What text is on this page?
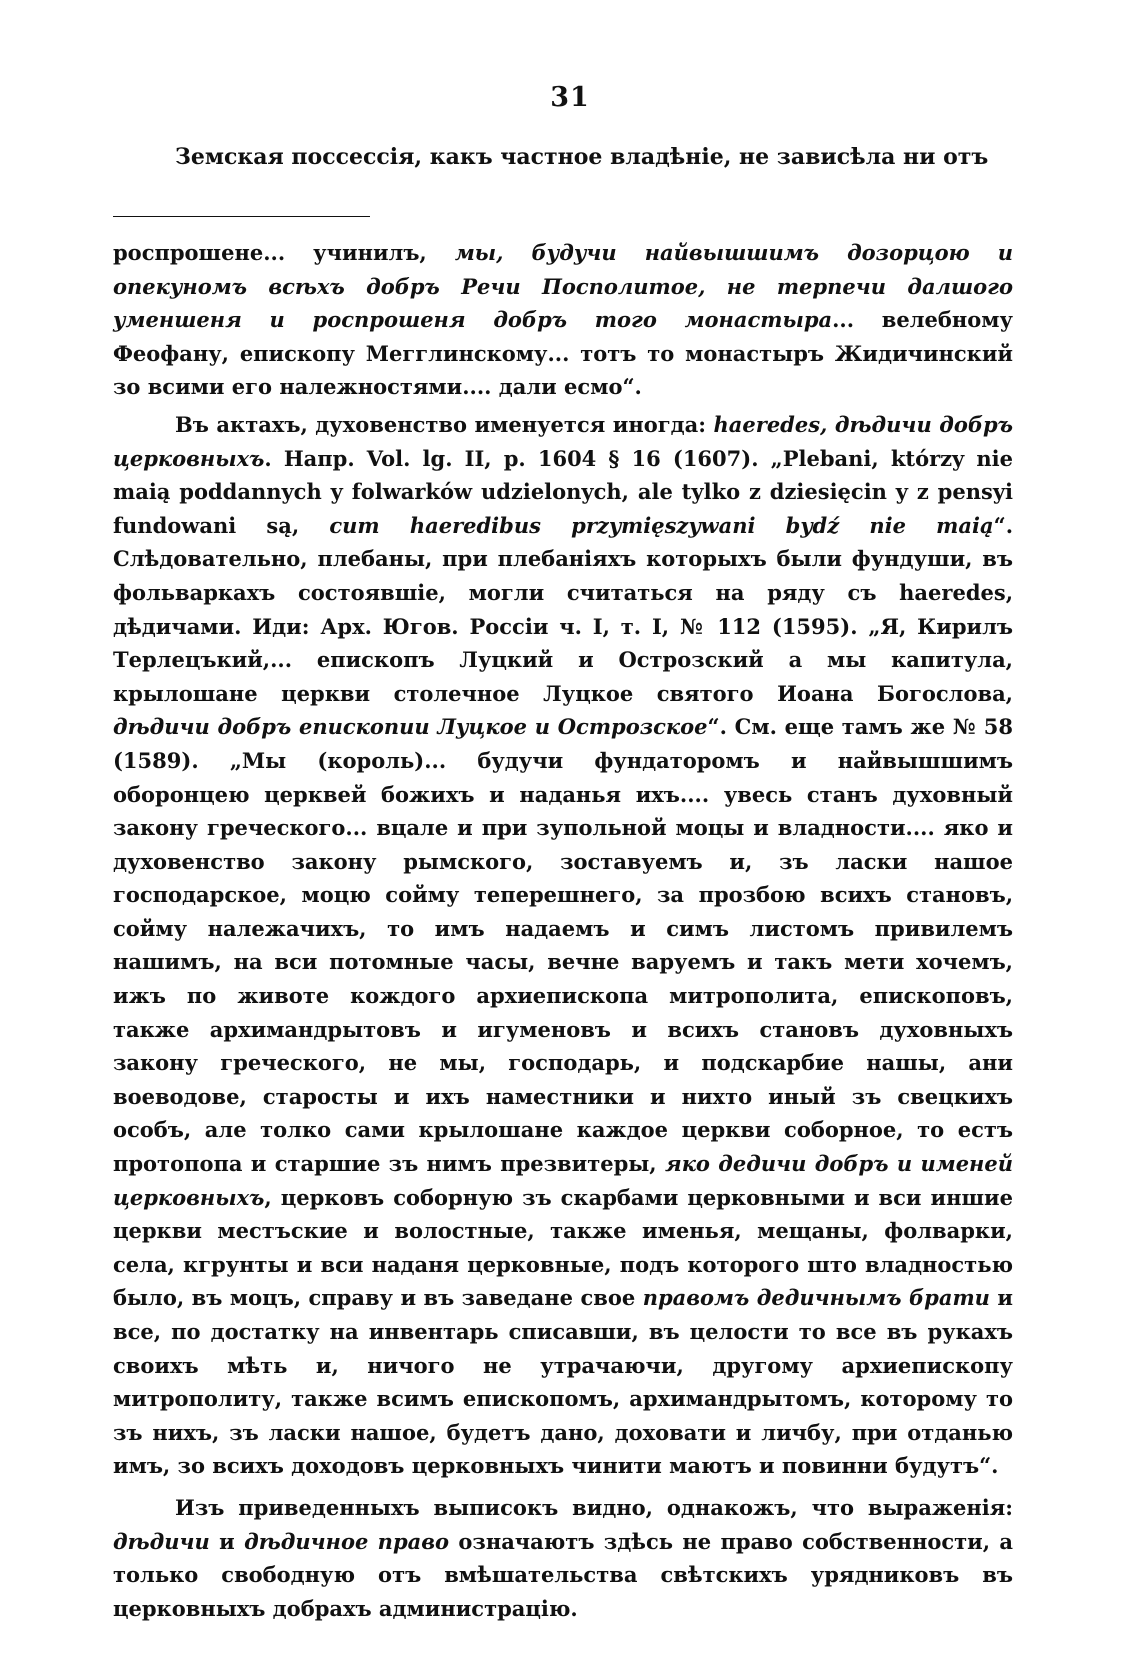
31

Земская поссессія, какъ частное владѣніе, не зависѣла ни отъ

роспрошене... учинилъ, мы, будучи найвышшимъ дозорцою и опекуномъ всѣхъ добръ Речи Посполитое, не терпечи далшого уменшеня и роспрошеня добръ того монастыра... велебному Феофану, епископу Мегглинскому... тотъ то монастыръ Жидичинский зо всими его належностями.... дали есмо“.

Въ актахъ, духовенство именуется иногда: haeredes, дѣдичи добръ церковныхъ. Напр. Vol. lg. II, p. 1604 § 16 (1607). „Plebani, którzy nie maią poddannych y folwarków udzielonych, ale tylko z dziesięcin y z pensyi fundowani są, cum haeredibus przymięszywani bydź nie maią“. Слѣдовательно, плебаны, при плебаніяхъ которыхъ были фундуши, въ фольваркахъ состоявшіе, могли считаться на ряду съ haeredes, дѣдичами. Иди: Арх. Югов. Россіи ч. I, т. I, № 112 (1595). „Я, Кирилъ Терлецъкий,... епископъ Луцкий и Острозский а мы капитула, крылошане церкви столечное Луцкое святого Иоана Богослова, дѣдичи добръ епископии Луцкое и Острозское“. См. еще тамъ же № 58 (1589). „Мы (король)... будучи фундаторомъ и найвышшимъ оборонцею церквей божихъ и наданья ихъ.... увесь станъ духовный закону греческого... вцале и при зупольной моцы и владности.... яко и духовенство закону рымского, зоставуемъ и, зъ ласки нашое господарское, моцю сойму теперешнего, за прозбою всихъ становъ, сойму належачихъ, то имъ надаемъ и симъ листомъ привилемъ нашимъ, на вси потомные часы, вечне варуемъ и такъ мети хочемъ, ижъ по животе кождого архиепископа митрополита, епископовъ, также архимандрытовъ и игуменовъ и всихъ становъ духовныхъ закону греческого, не мы, господарь, и подскарбие нашы, ани воеводове, старосты и ихъ наместники и нихто иный зъ свецкихъ особъ, але толко сами крылошане каждое церкви соборное, то естъ протопопа и старшие зъ нимъ презвитеры, яко дедичи добръ и именей церковныхъ, церковъ соборную зъ скарбами церковными и вси иншие церкви местъские и волостные, также именья, мещаны, фолварки, села, кгрунты и вси наданя церковные, подъ которого што владностью было, въ моцъ, справу и въ заведане свое правомъ дедичнымъ брати и все, по достатку на инвентарь списавши, въ целости то все въ рукахъ своихъ мѣть и, ничого не утрачаючи, другому архиепископу митрополиту, также всимъ епископомъ, архимандрытомъ, которому то зъ нихъ, зъ ласки нашое, будетъ дано, доховати и личбу, при отданью имъ, зо всихъ доходовъ церковныхъ чинити маютъ и повинни будутъ“.

Изъ приведенныхъ выписокъ видно, однакожъ, что выраженія: дѣдичи и дѣдичное право означаютъ здѣсь не право собственности, а только свободную отъ вмѣшательства свѣтскихъ урядниковъ въ церковныхъ добрахъ администрацію.
